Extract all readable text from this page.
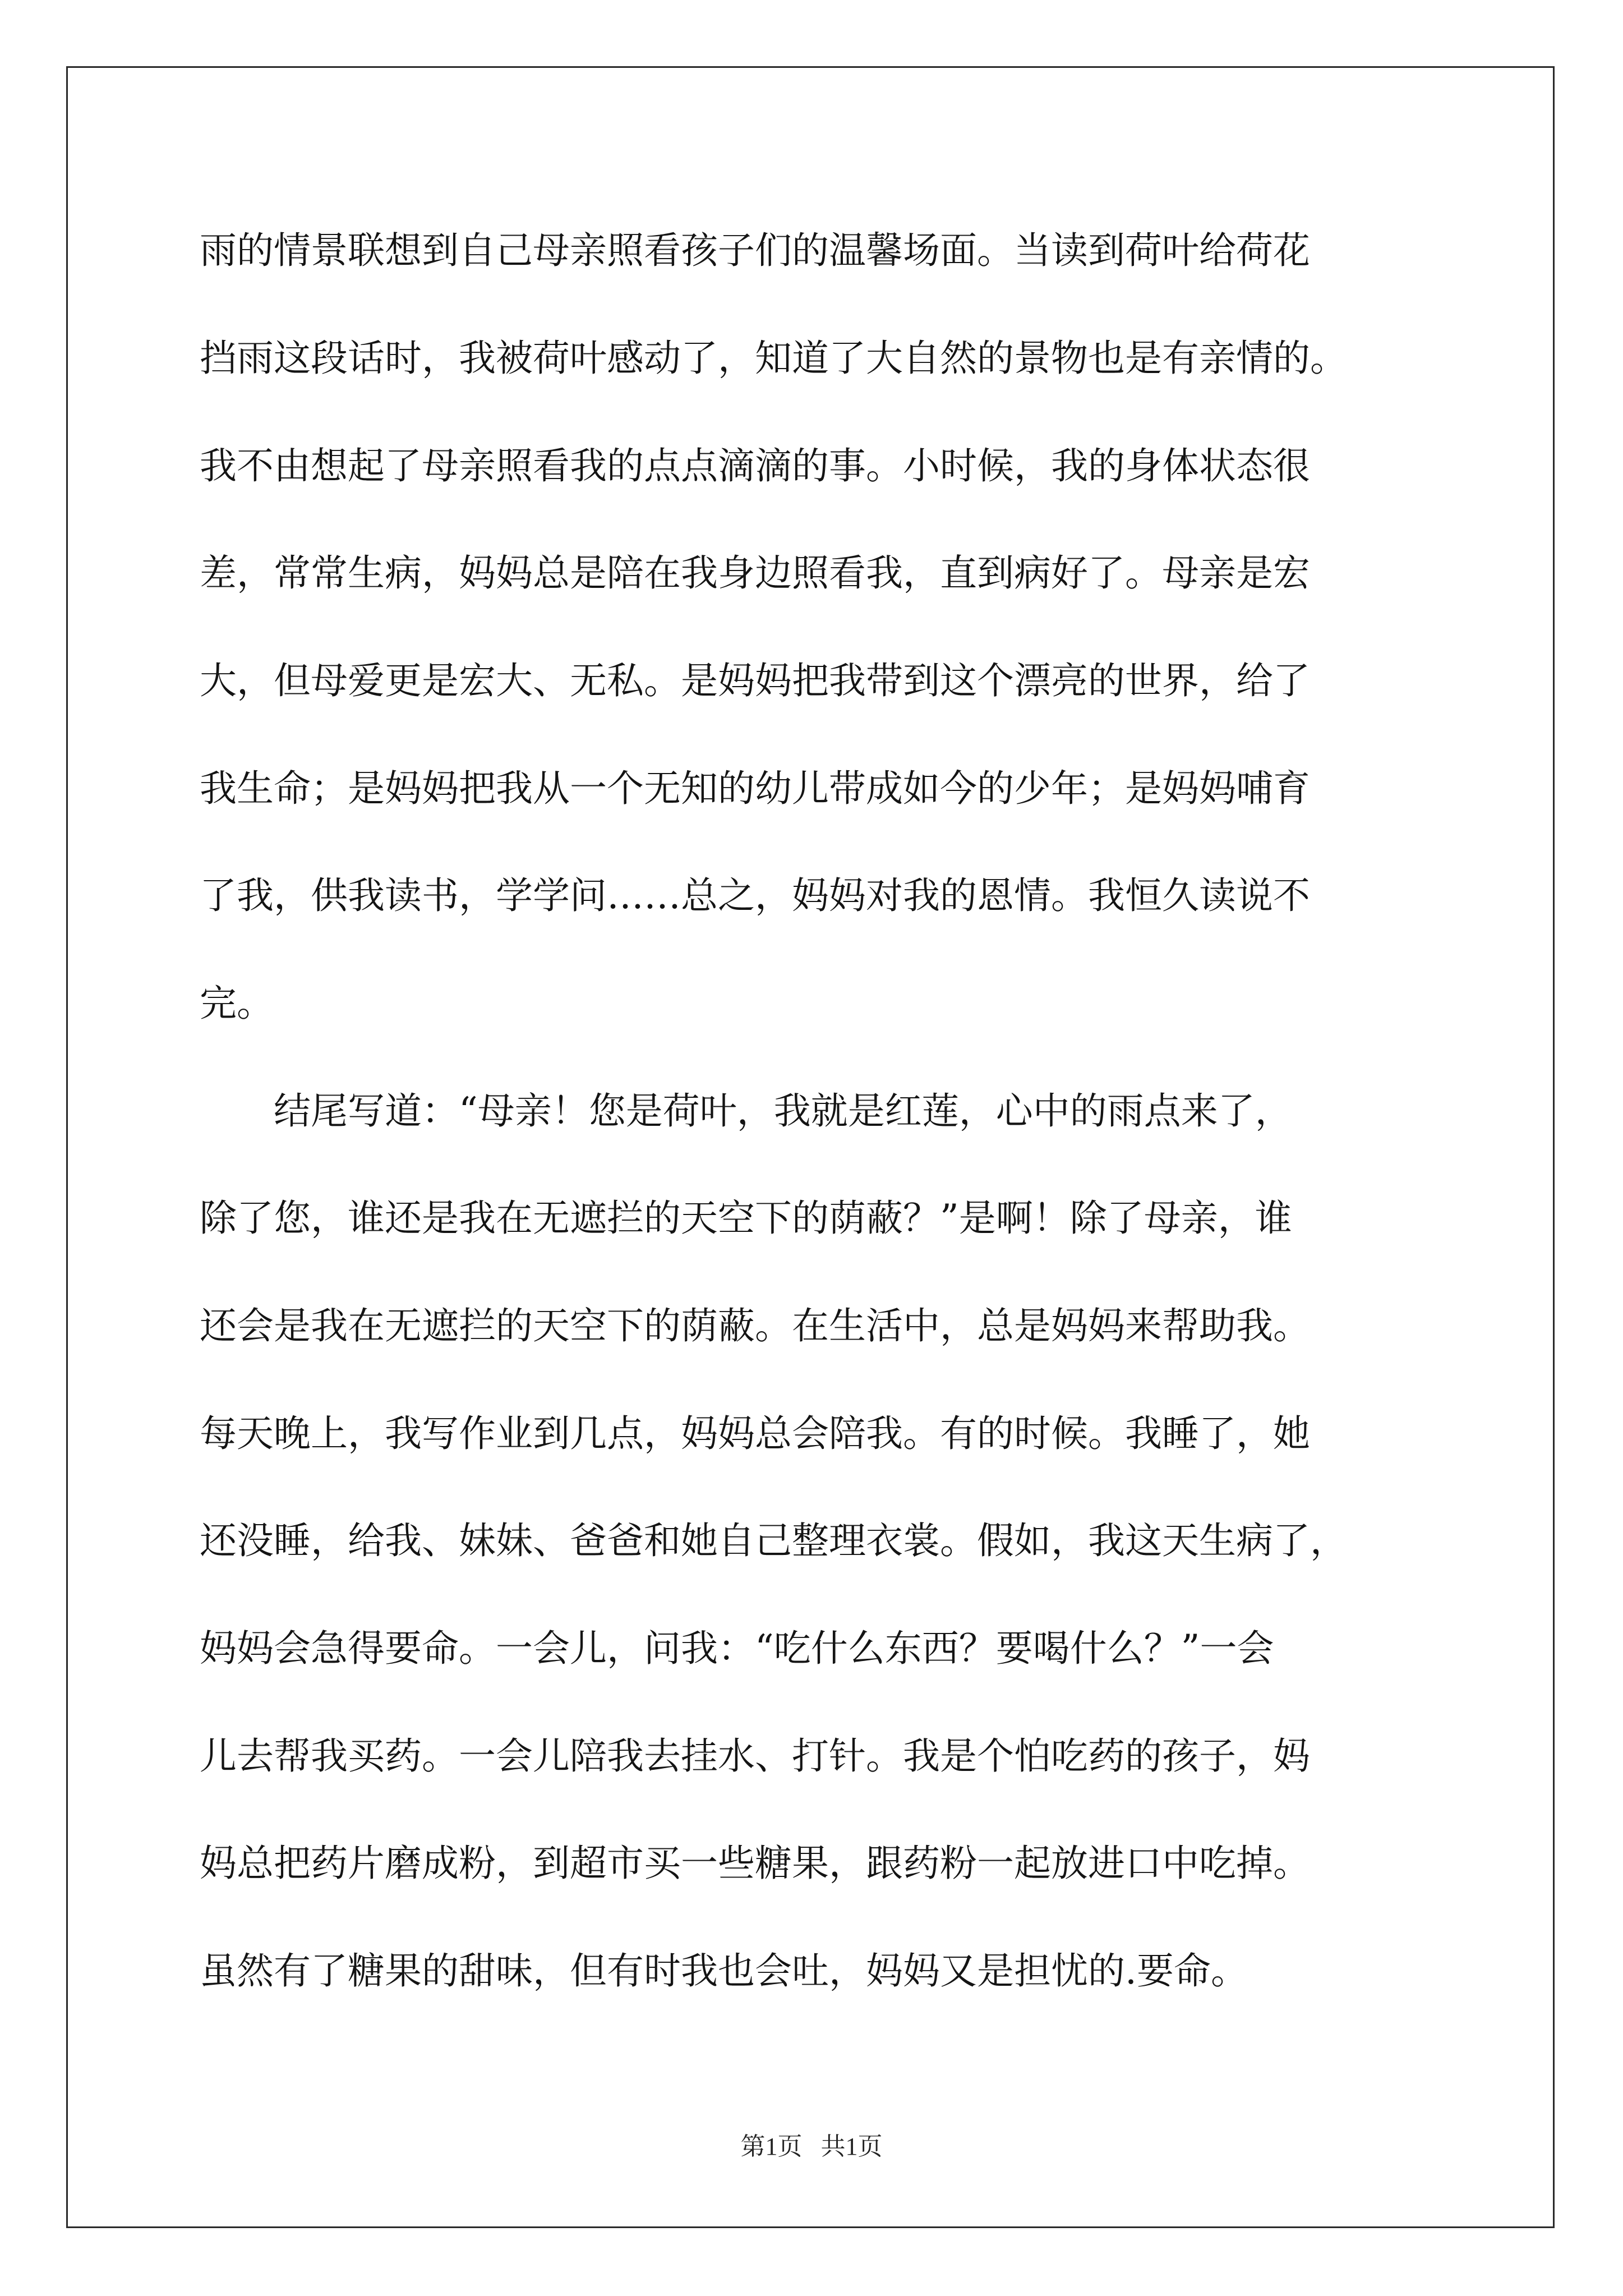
雨的情景联想到自己母亲照看孩子们的温馨场面。当读到荷叶给荷花
挡雨这段话时，我被荷叶感动了，知道了大自然的景物也是有亲情的。
我不由想起了母亲照看我的点点滴滴的事。小时候，我的身体状态很
差，常常生病，妈妈总是陪在我身边照看我，直到病好了。母亲是宏
大，但母爱更是宏大、无私。是妈妈把我带到这个漂亮的世界，给了
我生命；是妈妈把我从一个无知的幼儿带成如今的少年；是妈妈哺育
了我，供我读书，学学问……总之，妈妈对我的恩情。我恒久读说不
完。
　　结尾写道：“母亲！您是荷叶，我就是红莲，心中的雨点来了，
除了您，谁还是我在无遮拦的天空下的荫蔽？”是啊！除了母亲，谁
还会是我在无遮拦的天空下的荫蔽。在生活中，总是妈妈来帮助我。
每天晚上，我写作业到几点，妈妈总会陪我。有的时候。我睡了，她
还没睡，给我、妹妹、爸爸和她自己整理衣裳。假如，我这天生病了，
妈妈会急得要命。一会儿，问我：“吃什么东西？要喝什么？”一会
儿去帮我买药。一会儿陪我去挂水、打针。我是个怕吃药的孩子，妈
妈总把药片磨成粉，到超市买一些糖果，跟药粉一起放进口中吃掉。
虽然有了糖果的甜味，但有时我也会吐，妈妈又是担忧的.要命。
第1页   共1页
